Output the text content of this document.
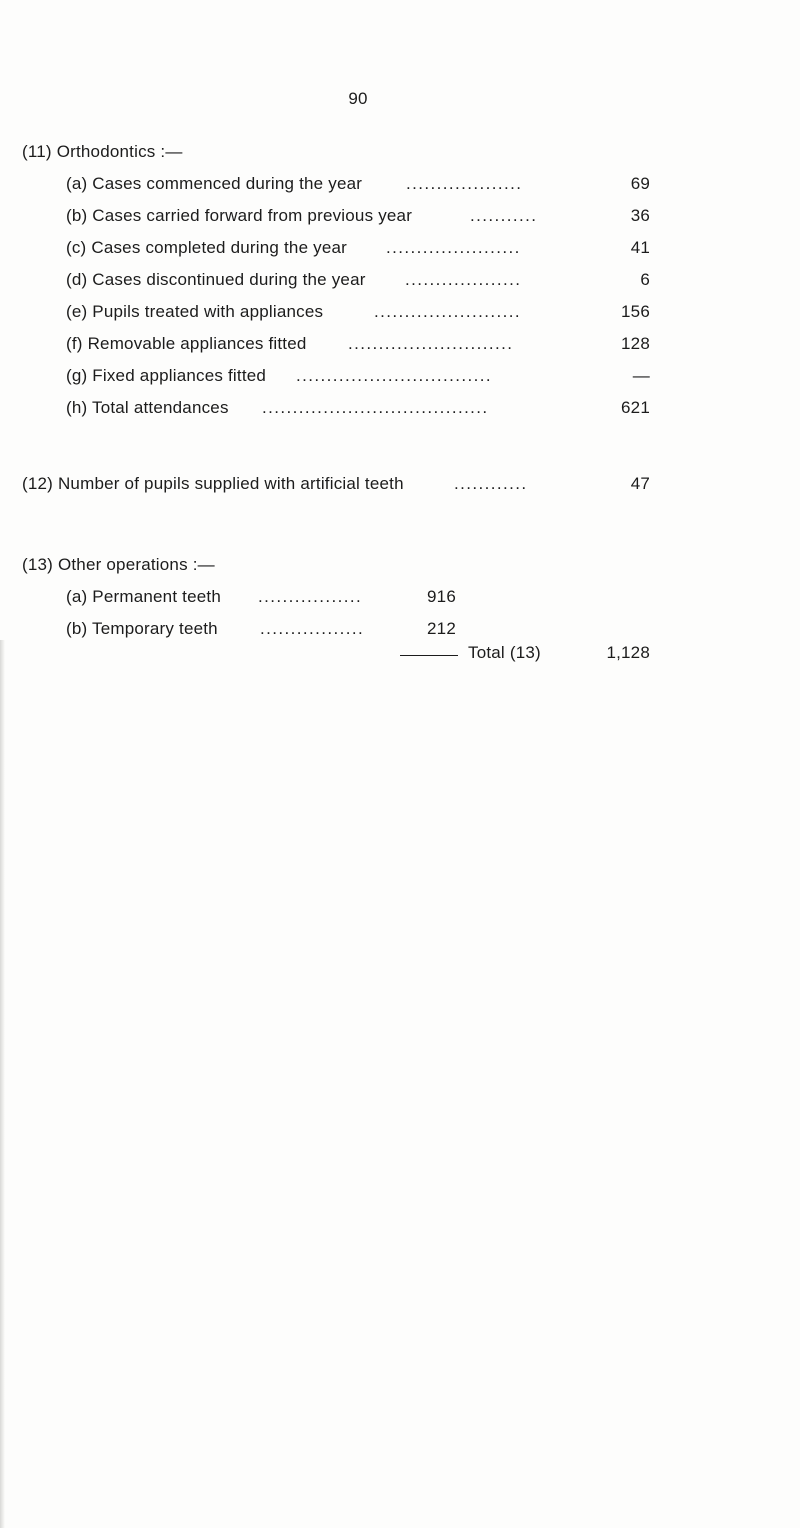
90
(11) Orthodontics :—
(a) Cases commenced during the year	...................	69
(b) Cases carried forward from previous year	...........	36
(c) Cases completed during the year ......................	41
(d) Cases discontinued during the year ...................	6
(e) Pupils treated with appliances	........................	156
(f) Removable appliances fitted ...........................	128
(g) Fixed appliances fitted ................................	—
(h) Total attendances .....................................	621
(12) Number of pupils supplied with artificial teeth	............	47
(13) Other operations :—
(a) Permanent teeth .................	916
(b) Temporary teeth .................	212
Total (13)	1,128
